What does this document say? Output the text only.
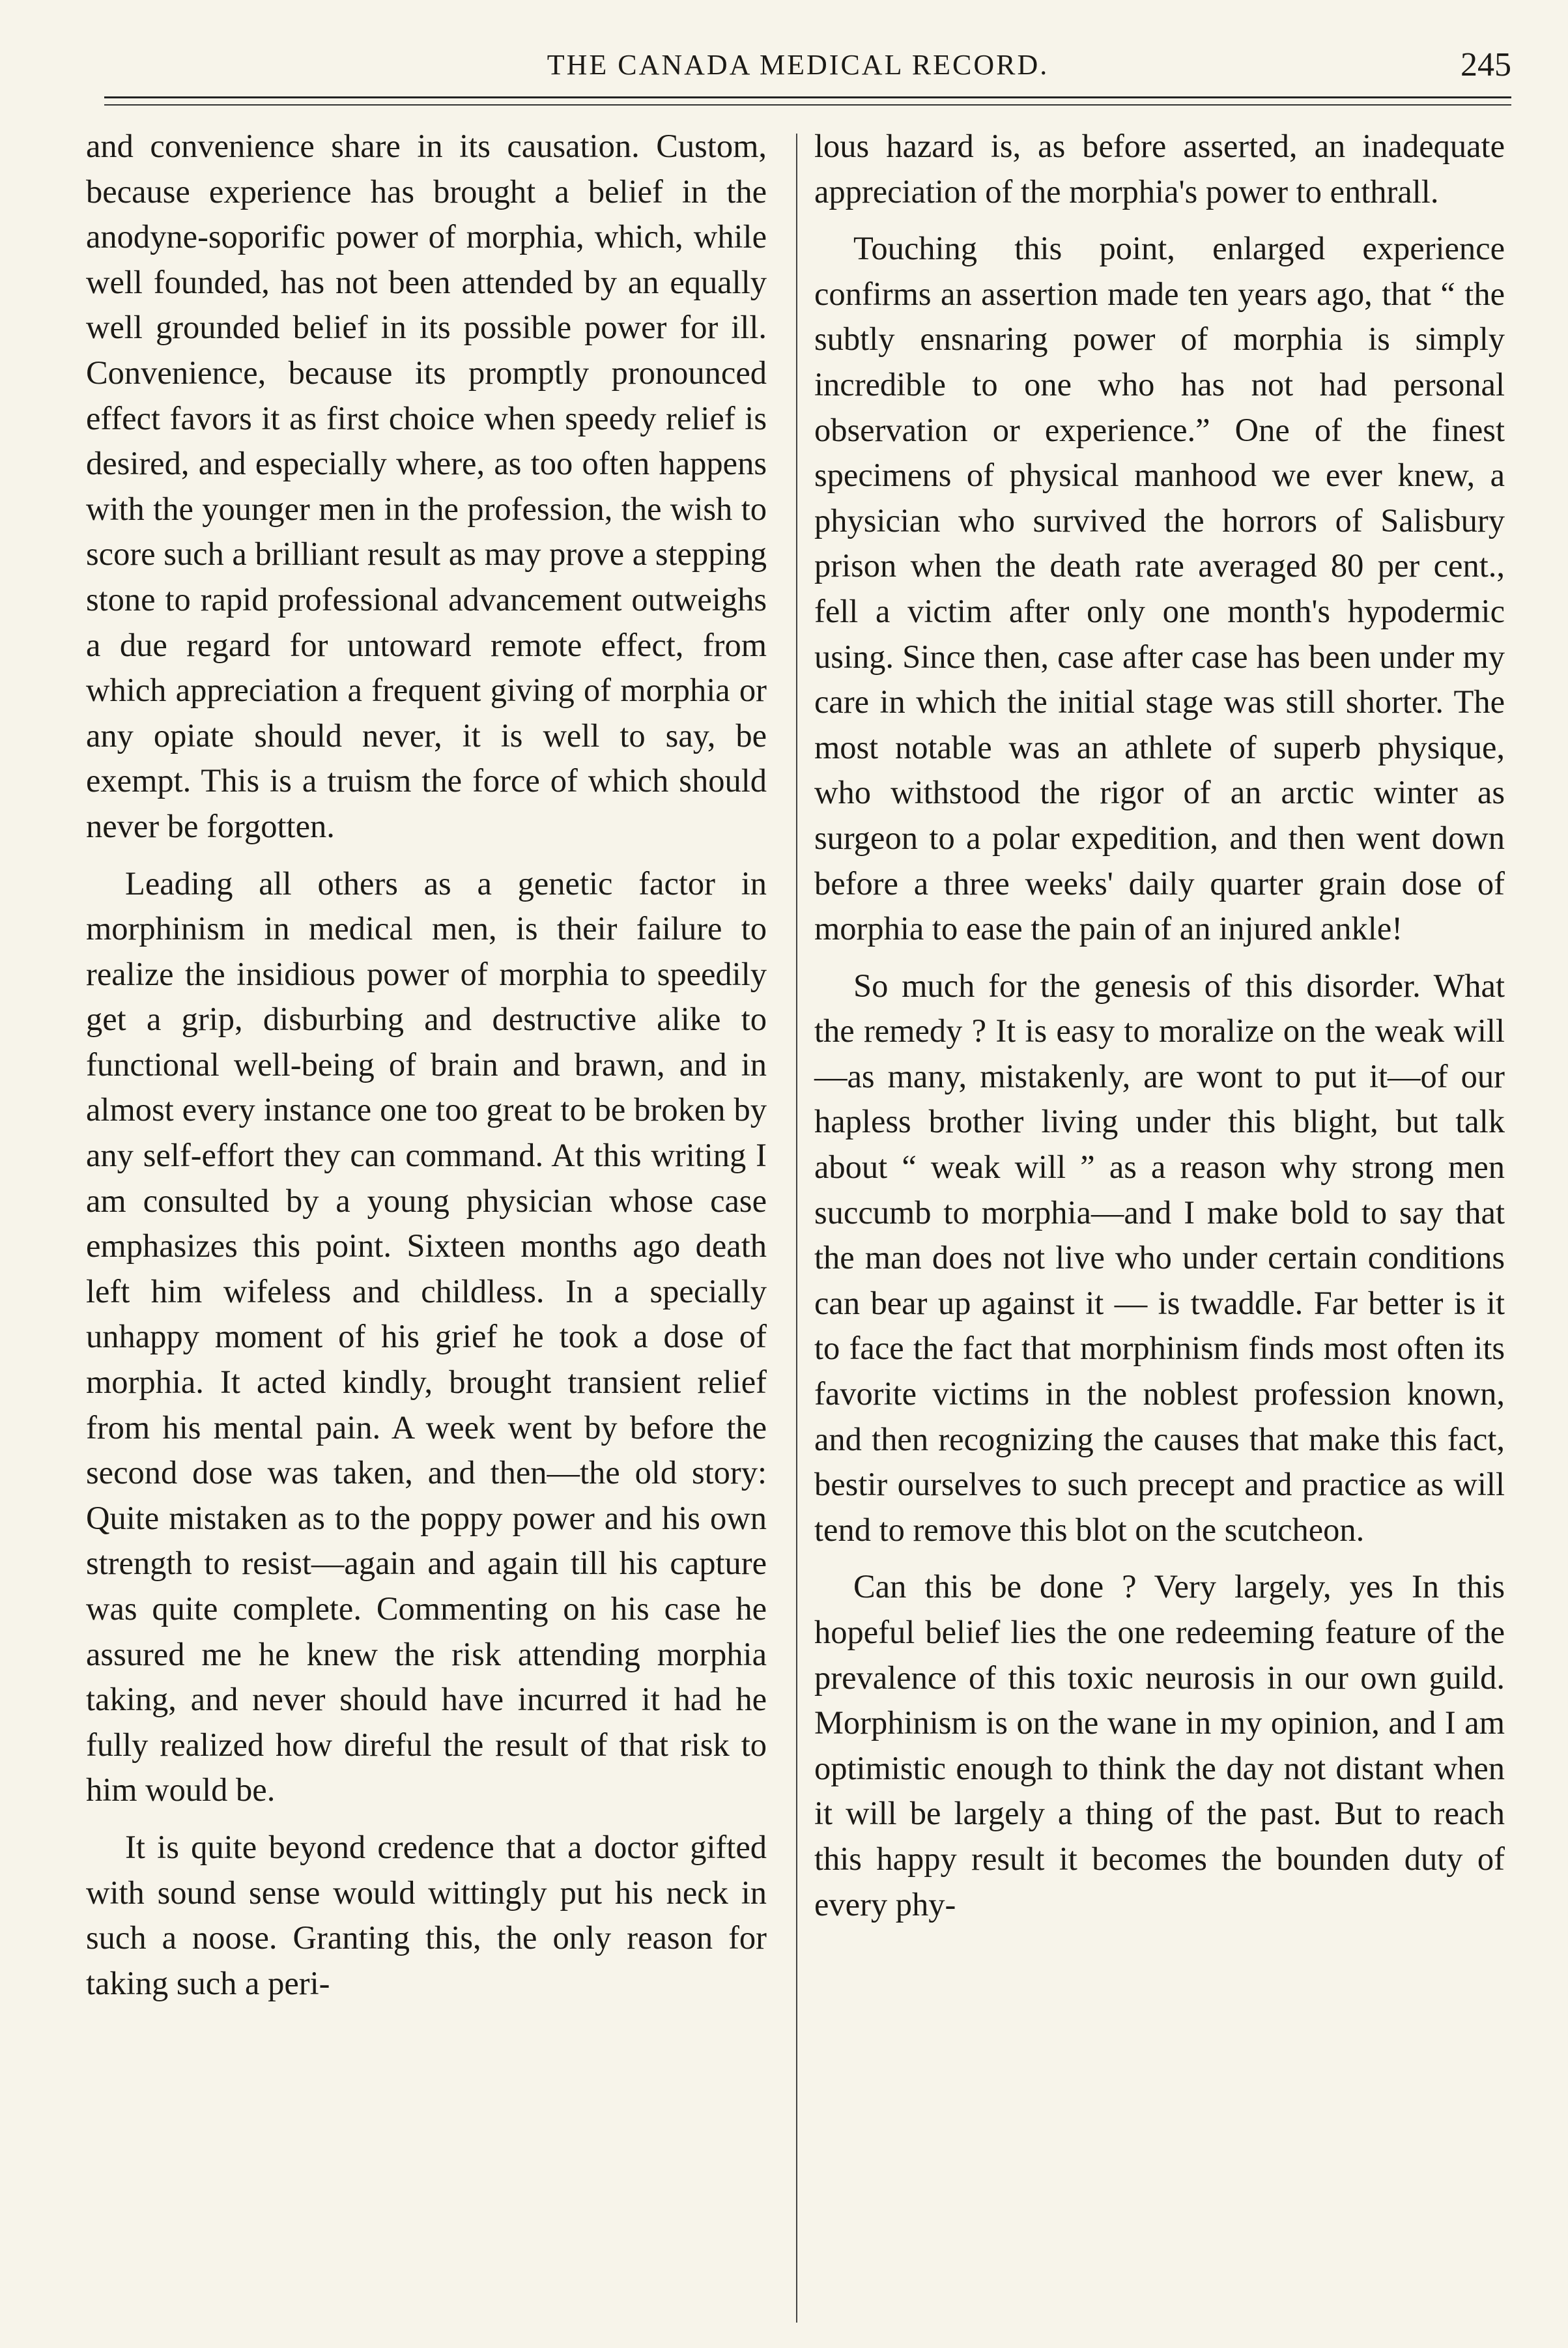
THE CANADA MEDICAL RECORD.	245

and convenience share in its causation. Custom, because experience has brought a belief in the anodyne-soporific power of morphia, which, while well founded, has not been attended by an equally well grounded belief in its possible power for ill. Convenience, because its promptly pronounced effect favors it as first choice when speedy relief is desired, and especially where, as too often happens with the younger men in the profession, the wish to score such a brilliant result as may prove a stepping stone to rapid professional advancement outweighs a due regard for untoward remote effect, from which appreciation a frequent giving of morphia or any opiate should never, it is well to say, be exempt. This is a truism the force of which should never be forgotten.

Leading all others as a genetic factor in morphinism in medical men, is their failure to realize the insidious power of morphia to speedily get a grip, disburbing and destructive alike to functional well-being of brain and brawn, and in almost every instance one too great to be broken by any self-effort they can command. At this writing I am consulted by a young physician whose case emphasizes this point. Sixteen months ago death left him wifeless and childless. In a specially unhappy moment of his grief he took a dose of morphia. It acted kindly, brought transient relief from his mental pain. A week went by before the second dose was taken, and then—the old story: Quite mistaken as to the poppy power and his own strength to resist—again and again till his capture was quite complete. Commenting on his case he assured me he knew the risk attending morphia taking, and never should have incurred it had he fully realized how direful the result of that risk to him would be.

It is quite beyond credence that a doctor gifted with sound sense would wittingly put his neck in such a noose. Granting this, the only reason for taking such a peri-

lous hazard is, as before asserted, an inadequate appreciation of the morphia's power to enthrall.

Touching this point, enlarged experience confirms an assertion made ten years ago, that “ the subtly ensnaring power of morphia is simply incredible to one who has not had personal observation or experience.” One of the finest specimens of physical manhood we ever knew, a physician who survived the horrors of Salisbury prison when the death rate averaged 80 per cent., fell a victim after only one month's hypodermic using. Since then, case after case has been under my care in which the initial stage was still shorter. The most notable was an athlete of superb physique, who withstood the rigor of an arctic winter as surgeon to a polar expedition, and then went down before a three weeks' daily quarter grain dose of morphia to ease the pain of an injured ankle!

So much for the genesis of this disorder. What the remedy ? It is easy to moralize on the weak will—as many, mistakenly, are wont to put it—of our hapless brother living under this blight, but talk about “ weak will ” as a reason why strong men succumb to morphia—and I make bold to say that the man does not live who under certain conditions can bear up against it — is twaddle. Far better is it to face the fact that morphinism finds most often its favorite victims in the noblest profession known, and then recognizing the causes that make this fact, bestir ourselves to such precept and practice as will tend to remove this blot on the scutcheon.

Can this be done ? Very largely, yes In this hopeful belief lies the one redeeming feature of the prevalence of this toxic neurosis in our own guild. Morphinism is on the wane in my opinion, and I am optimistic enough to think the day not distant when it will be largely a thing of the past. But to reach this happy result it becomes the bounden duty of every phy-
